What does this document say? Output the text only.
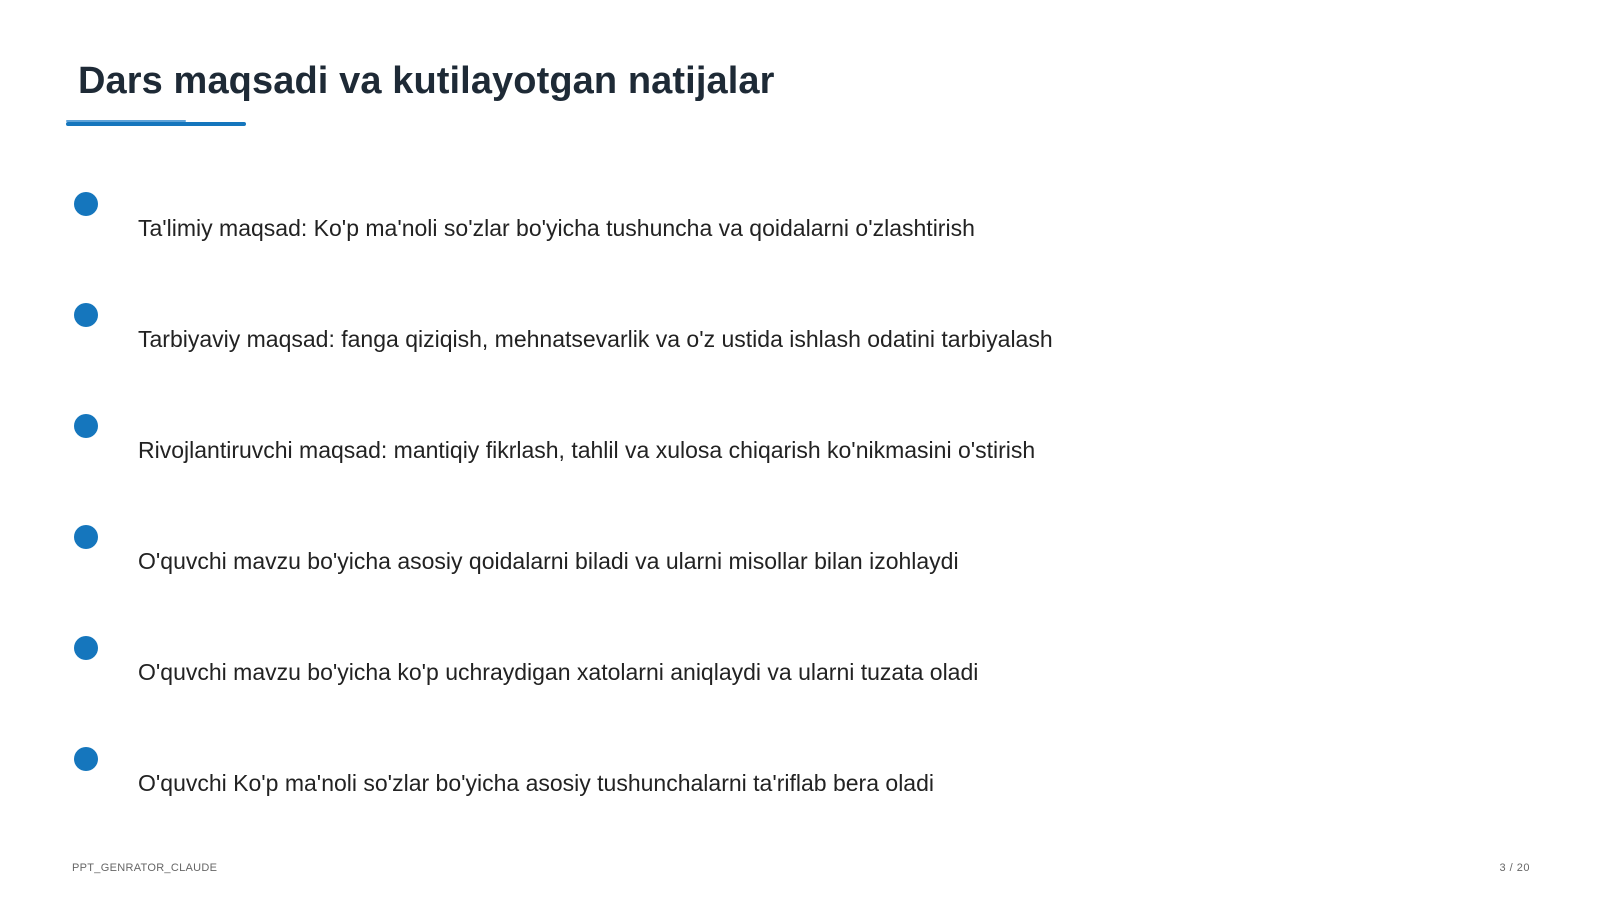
Dars maqsadi va kutilayotgan natijalar
Ta'limiy maqsad: Ko'p ma'noli so'zlar bo'yicha tushuncha va qoidalarni o'zlashtirish
Tarbiyaviy maqsad: fanga qiziqish, mehnatsevarlik va o'z ustida ishlash odatini tarbiyalash
Rivojlantiruvchi maqsad: mantiqiy fikrlash, tahlil va xulosa chiqarish ko'nikmasini o'stirish
O'quvchi mavzu bo'yicha asosiy qoidalarni biladi va ularni misollar bilan izohlaydi
O'quvchi mavzu bo'yicha ko'p uchraydigan xatolarni aniqlaydi va ularni tuzata oladi
O'quvchi Ko'p ma'noli so'zlar bo'yicha asosiy tushunchalarni ta'riflab bera oladi
PPT_GENRATOR_CLAUDE	3 / 20
